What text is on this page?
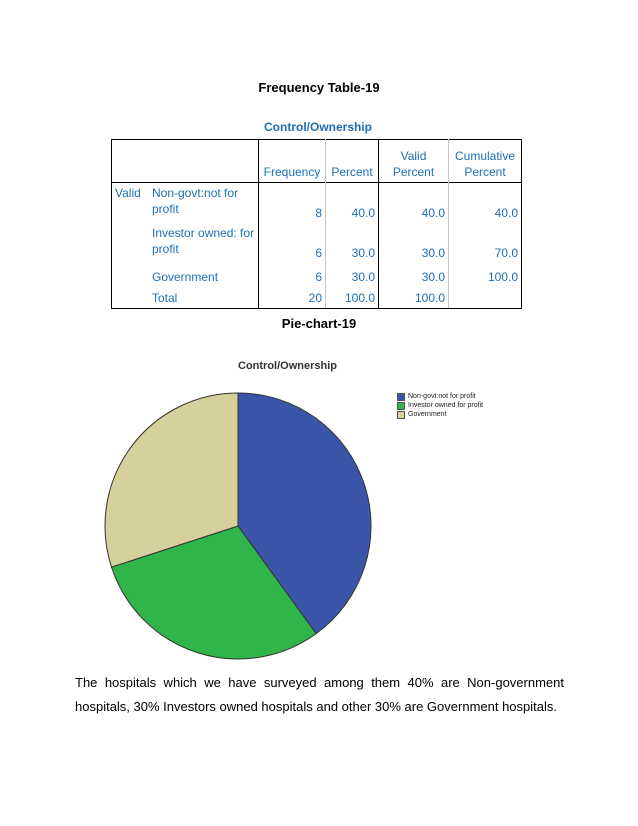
Frequency Table-19
Control/Ownership
		Frequency	Percent	Valid Percent	Cumulative Percent
Valid	Non-govt:not for profit	8	40.0	40.0	40.0
	Investor owned: for profit	6	30.0	30.0	70.0
	Government	6	30.0	30.0	100.0
	Total	20	100.0	100.0	
Pie-chart-19
Control/Ownership
Non-govt:not for profit
Investor owned for profit
Government
The hospitals which we have surveyed among them 40% are Non-government hospitals, 30% Investors owned hospitals and other 30% are Government hospitals.
